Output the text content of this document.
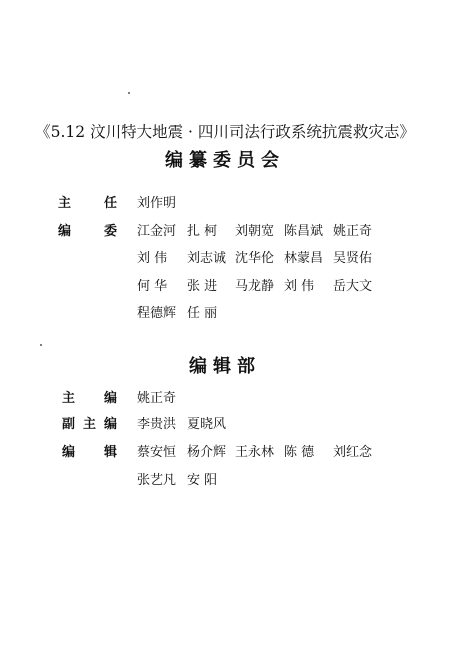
《5.12 汶川特大地震 · 四川司法行政系统抗震救灾志》
编纂委员会
主	任 刘作明
编	委 江金河 扎 柯 刘朝宽 陈昌斌 姚正奇
刘 伟 刘志诚 沈华伦 林蒙昌 吴贤佑
何 华 张 进 马龙静 刘 伟 岳大文
程德辉 任 丽
编辑部
主 编 姚正奇
副 主 编 李贵洪 夏晓风
编 辑 蔡安恒 杨介辉 王永林 陈 德 刘红念
张艺凡 安 阳
